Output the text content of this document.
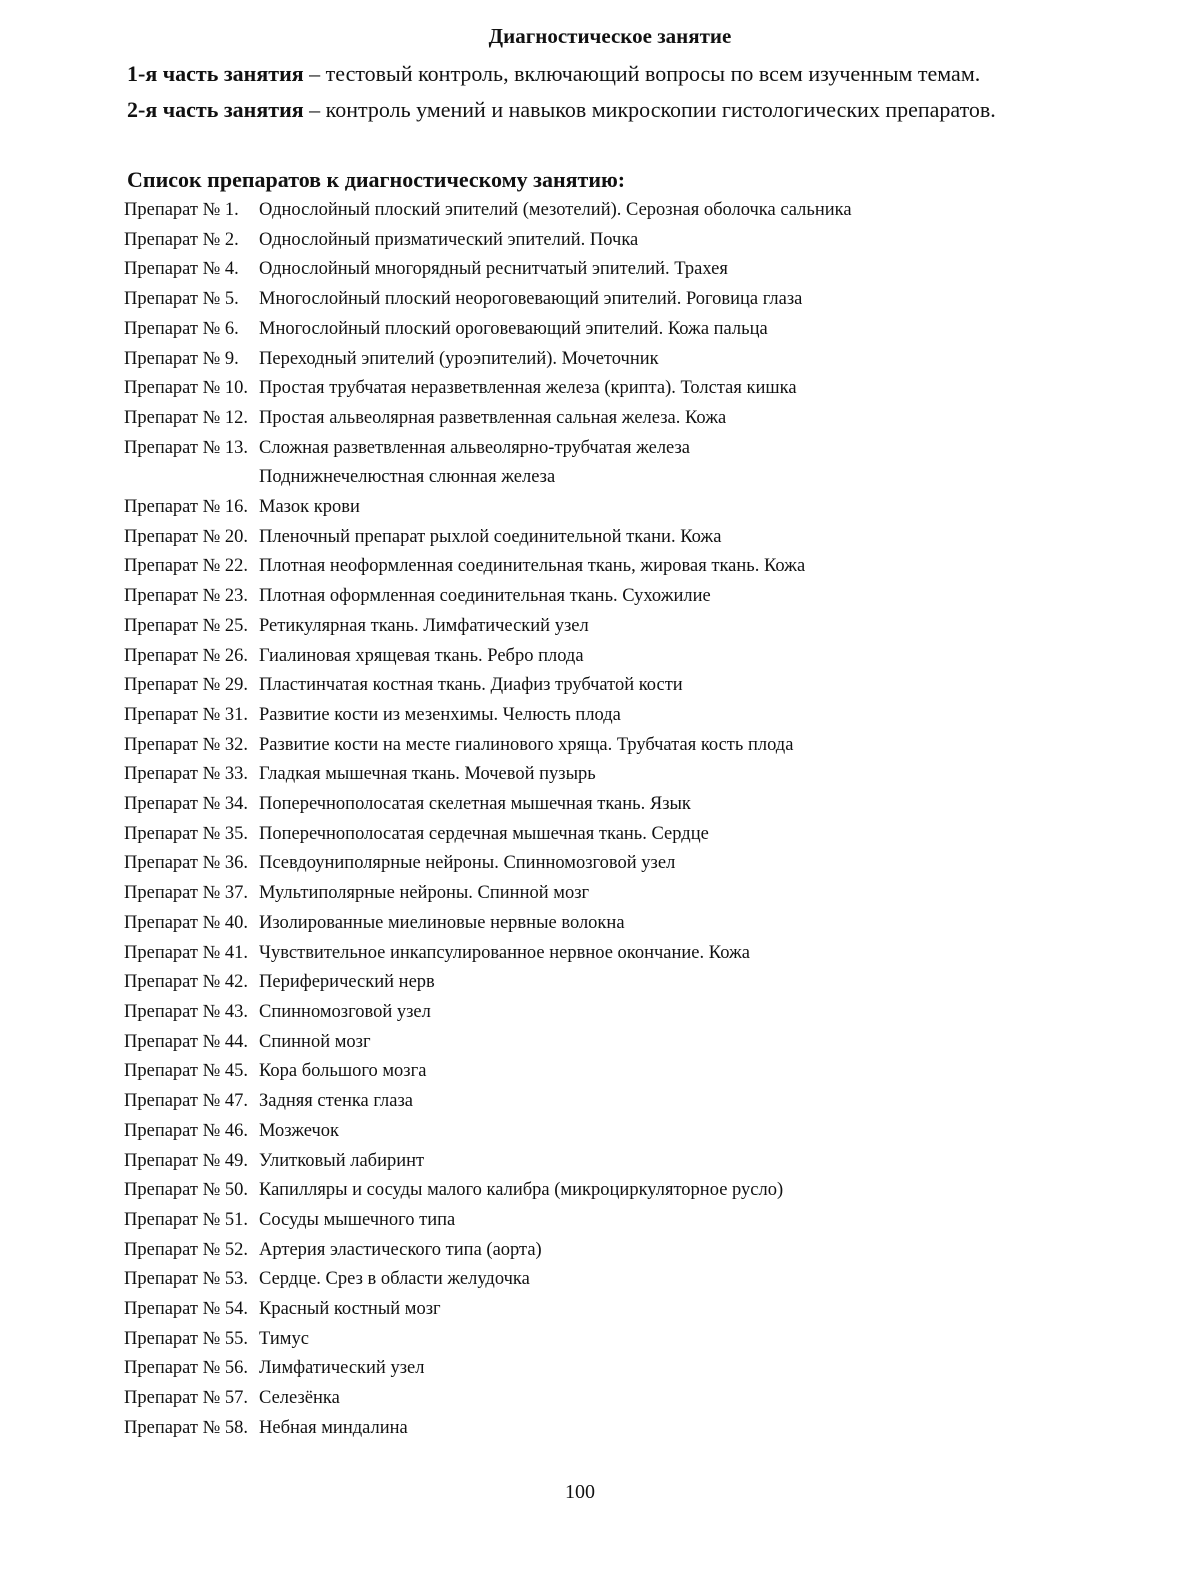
Диагностическое занятие
1-я часть занятия – тестовый контроль, включающий вопросы по всем изученным темам.
2-я часть занятия – контроль умений и навыков микроскопии гистологических препаратов.
Список препаратов к диагностическому занятию:
Препарат № 1.	Однослойный плоский эпителий (мезотелий). Серозная оболочка сальника
Препарат № 2.	Однослойный призматический эпителий. Почка
Препарат № 4.	Однослойный многорядный реснитчатый эпителий. Трахея
Препарат № 5.	Многослойный плоский неороговевающий эпителий. Роговица глаза
Препарат № 6.	Многослойный плоский ороговевающий эпителий. Кожа пальца
Препарат № 9.	Переходный эпителий (уроэпителий). Мочеточник
Препарат № 10. Простая трубчатая неразветвленная железа (крипта). Толстая кишка
Препарат № 12. Простая альвеолярная разветвленная сальная железа. Кожа
Препарат № 13. Сложная разветвленная альвеолярно-трубчатая железа
Поднижнечелюстная слюнная железа
Препарат № 16. Мазок крови
Препарат № 20. Пленочный препарат рыхлой соединительной ткани. Кожа
Препарат № 22. Плотная неоформленная соединительная ткань, жировая ткань. Кожа
Препарат № 23. Плотная оформленная соединительная ткань. Сухожилие
Препарат № 25. Ретикулярная ткань. Лимфатический узел
Препарат № 26. Гиалиновая хрящевая ткань. Ребро плода
Препарат № 29. Пластинчатая костная ткань. Диафиз трубчатой кости
Препарат № 31. Развитие кости из мезенхимы. Челюсть плода
Препарат № 32. Развитие кости на месте гиалинового хряща. Трубчатая кость плода
Препарат № 33. Гладкая мышечная ткань. Мочевой пузырь
Препарат № 34. Поперечнополосатая скелетная мышечная ткань. Язык
Препарат № 35. Поперечнополосатая сердечная мышечная ткань. Сердце
Препарат № 36. Псевдоуниполярные нейроны. Спинномозговой узел
Препарат № 37. Мультиполярные нейроны. Спинной мозг
Препарат № 40. Изолированные миелиновые нервные волокна
Препарат № 41. Чувствительное инкапсулированное нервное окончание. Кожа
Препарат № 42. Периферический нерв
Препарат № 43. Спинномозговой узел
Препарат № 44. Спинной мозг
Препарат № 45. Кора большого мозга
Препарат № 47. Задняя стенка глаза
Препарат № 46. Мозжечок
Препарат № 49. Улитковый лабиринт
Препарат № 50. Капилляры и сосуды малого калибра (микроциркуляторное русло)
Препарат № 51. Сосуды мышечного типа
Препарат № 52. Артерия эластического типа (аорта)
Препарат № 53. Сердце. Срез в области желудочка
Препарат № 54. Красный костный мозг
Препарат № 55. Тимус
Препарат № 56. Лимфатический узел
Препарат № 57. Селезёнка
Препарат № 58. Небная миндалина
100
